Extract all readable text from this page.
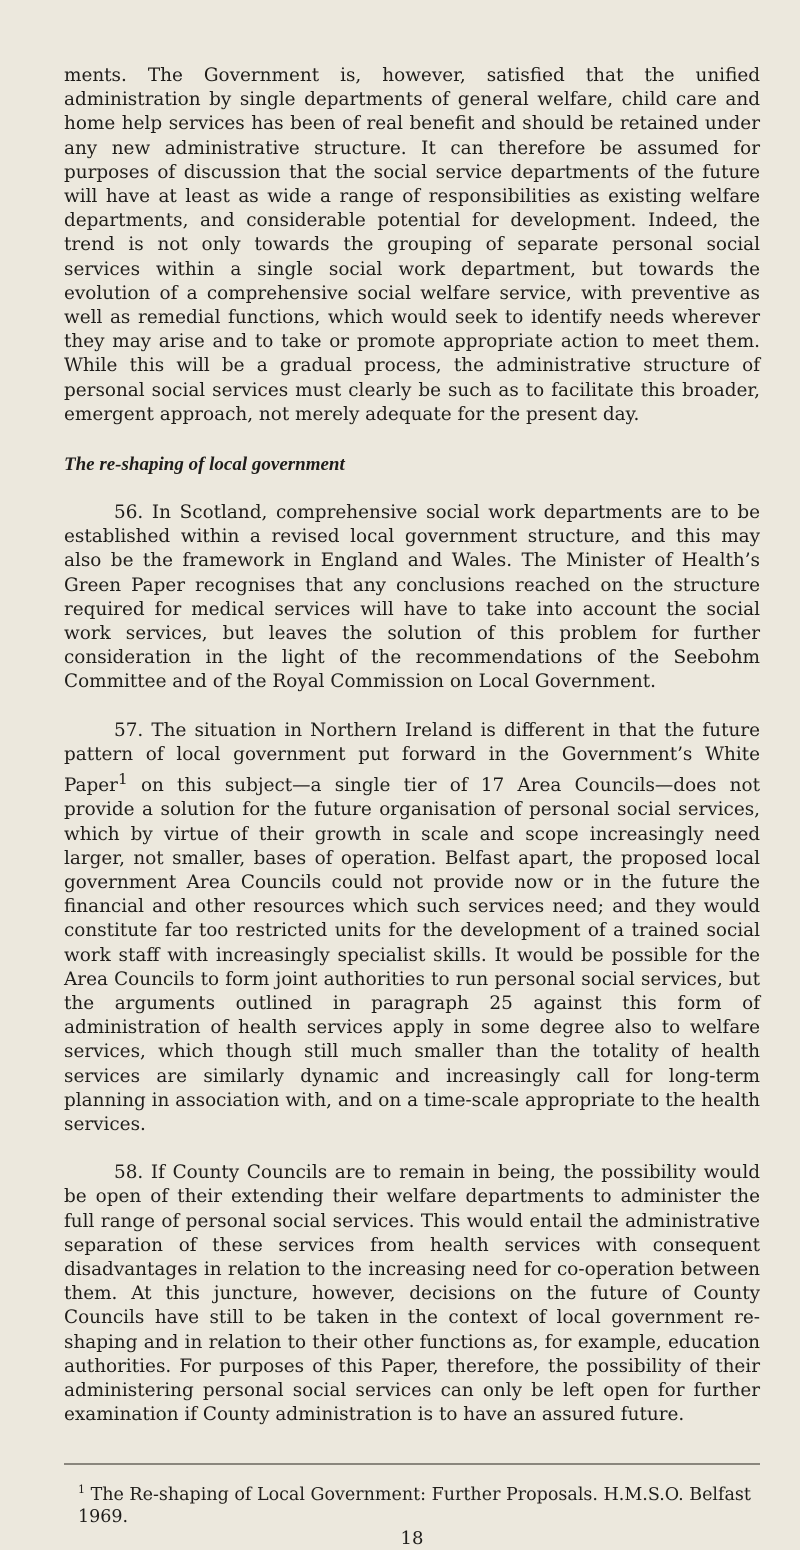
ments. The Government is, however, satisfied that the unified administration by single departments of general welfare, child care and home help services has been of real benefit and should be retained under any new administrative structure. It can therefore be assumed for purposes of discussion that the social service departments of the future will have at least as wide a range of responsibilities as existing welfare departments, and considerable potential for development. Indeed, the trend is not only towards the grouping of separate personal social services within a single social work department, but towards the evolution of a comprehensive social welfare service, with preventive as well as remedial functions, which would seek to identify needs wherever they may arise and to take or promote appropriate action to meet them. While this will be a gradual process, the administrative structure of personal social services must clearly be such as to facilitate this broader, emergent approach, not merely adequate for the present day.

The re-shaping of local government

56. In Scotland, comprehensive social work departments are to be established within a revised local government structure, and this may also be the framework in England and Wales. The Minister of Health’s Green Paper recognises that any conclusions reached on the structure required for medical services will have to take into account the social work services, but leaves the solution of this problem for further consideration in the light of the recommendations of the Seebohm Committee and of the Royal Commission on Local Government.

57. The situation in Northern Ireland is different in that the future pattern of local government put forward in the Government’s White Paper$^1$ on this subject—a single tier of 17 Area Councils—does not provide a solution for the future organisation of personal social services, which by virtue of their growth in scale and scope increasingly need larger, not smaller, bases of operation. Belfast apart, the proposed local government Area Councils could not provide now or in the future the financial and other resources which such services need; and they would constitute far too restricted units for the development of a trained social work staff with increasingly specialist skills. It would be possible for the Area Councils to form joint authorities to run personal social services, but the arguments outlined in paragraph 25 against this form of administration of health services apply in some degree also to welfare services, which though still much smaller than the totality of health services are similarly dynamic and increasingly call for long-term planning in association with, and on a time-scale appropriate to the health services.

58. If County Councils are to remain in being, the possibility would be open of their extending their welfare departments to administer the full range of personal social services. This would entail the administrative separation of these services from health services with consequent disadvantages in relation to the increasing need for co-operation between them. At this juncture, however, decisions on the future of County Councils have still to be taken in the context of local government re-shaping and in relation to their other functions as, for example, education authorities. For purposes of this Paper, therefore, the possibility of their administering personal social services can only be left open for further examination if County administration is to have an assured future.

$^1$ The Re-shaping of Local Government: Further Proposals. H.M.S.O. Belfast 1969.

18
